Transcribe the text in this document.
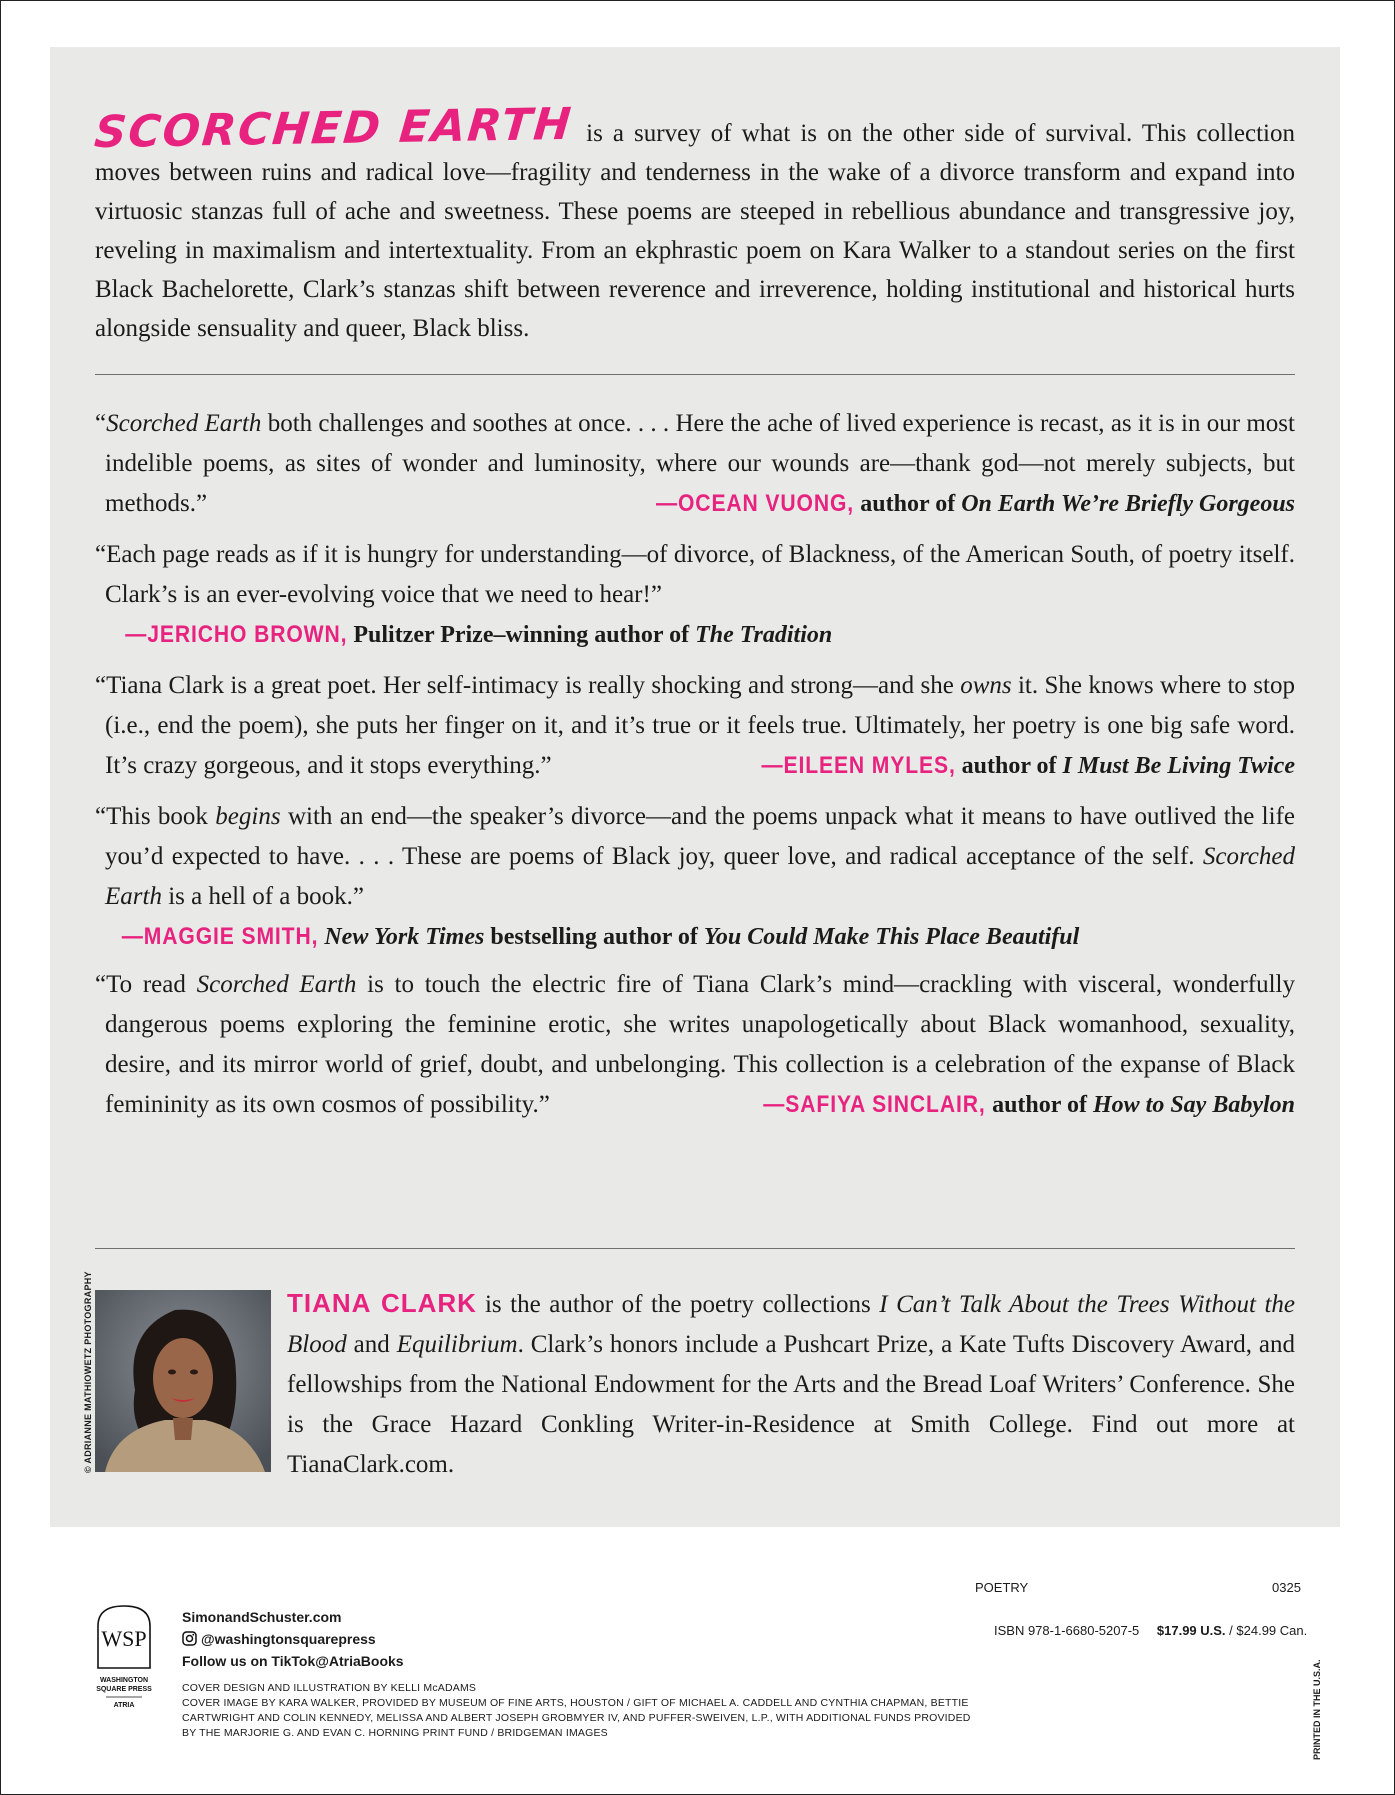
SCORCHED EARTH is a survey of what is on the other side of survival. This collection moves between ruins and radical love—fragility and tenderness in the wake of a divorce transform and expand into virtuosic stanzas full of ache and sweetness. These poems are steeped in rebellious abundance and transgressive joy, reveling in maximalism and intertextuality. From an ekphrastic poem on Kara Walker to a standout series on the first Black Bachelorette, Clark’s stanzas shift between reverence and irreverence, holding institutional and historical hurts alongside sensuality and queer, Black bliss.
“Scorched Earth both challenges and soothes at once. . . . Here the ache of lived experience is recast, as it is in our most indelible poems, as sites of wonder and luminosity, where our wounds are—thank god—not merely subjects, but methods.”	—OCEAN VUONG, author of On Earth We’re Briefly Gorgeous
“Each page reads as if it is hungry for understanding—of divorce, of Blackness, of the American South, of poetry itself. Clark’s is an ever-evolving voice that we need to hear!”
—JERICHO BROWN, Pulitzer Prize–winning author of The Tradition
“Tiana Clark is a great poet. Her self-intimacy is really shocking and strong—and she owns it. She knows where to stop (i.e., end the poem), she puts her finger on it, and it’s true or it feels true. Ultimately, her poetry is one big safe word. It’s crazy gorgeous, and it stops everything.”	—EILEEN MYLES, author of I Must Be Living Twice
“This book begins with an end—the speaker’s divorce—and the poems unpack what it means to have outlived the life you’d expected to have. . . . These are poems of Black joy, queer love, and radical acceptance of the self. Scorched Earth is a hell of a book.”
—MAGGIE SMITH, New York Times bestselling author of You Could Make This Place Beautiful
“To read Scorched Earth is to touch the electric fire of Tiana Clark’s mind—crackling with visceral, wonderfully dangerous poems exploring the feminine erotic, she writes unapologetically about Black womanhood, sexuality, desire, and its mirror world of grief, doubt, and unbelonging. This collection is a celebration of the expanse of Black femininity as its own cosmos of possibility.”	—SAFIYA SINCLAIR, author of How to Say Babylon
© ADRIANNE MATHIOWETZ PHOTOGRAPHY	TIANA CLARK is the author of the poetry collections I Can’t Talk About the Trees Without the Blood and Equilibrium. Clark’s honors include a Pushcart Prize, a Kate Tufts Discovery Award, and fellowships from the National Endowment for the Arts and the Bread Loaf Writers’ Conference. She is the Grace Hazard Conkling Writer-in-Residence at Smith College. Find out more at TianaClark.com.
WSP
WASHINGTON
SQUARE PRESS
ATRIA
SimonandSchuster.com
@washingtonsquarepress
Follow us on TikTok@AtriaBooks
COVER DESIGN AND ILLUSTRATION BY KELLI McADAMS
COVER IMAGE BY KARA WALKER, PROVIDED BY MUSEUM OF FINE ARTS, HOUSTON / GIFT OF MICHAEL A. CADDELL AND CYNTHIA CHAPMAN, BETTIE CARTWRIGHT AND COLIN KENNEDY, MELISSA AND ALBERT JOSEPH GROBMYER IV, AND PUFFER-SWEIVEN, L.P., WITH ADDITIONAL FUNDS PROVIDED BY THE MARJORIE G. AND EVAN C. HORNING PRINT FUND / BRIDGEMAN IMAGES
POETRY	0325
ISBN 978-1-6680-5207-5 $17.99 U.S. / $24.99 Can.
PRINTED IN THE U.S.A.
